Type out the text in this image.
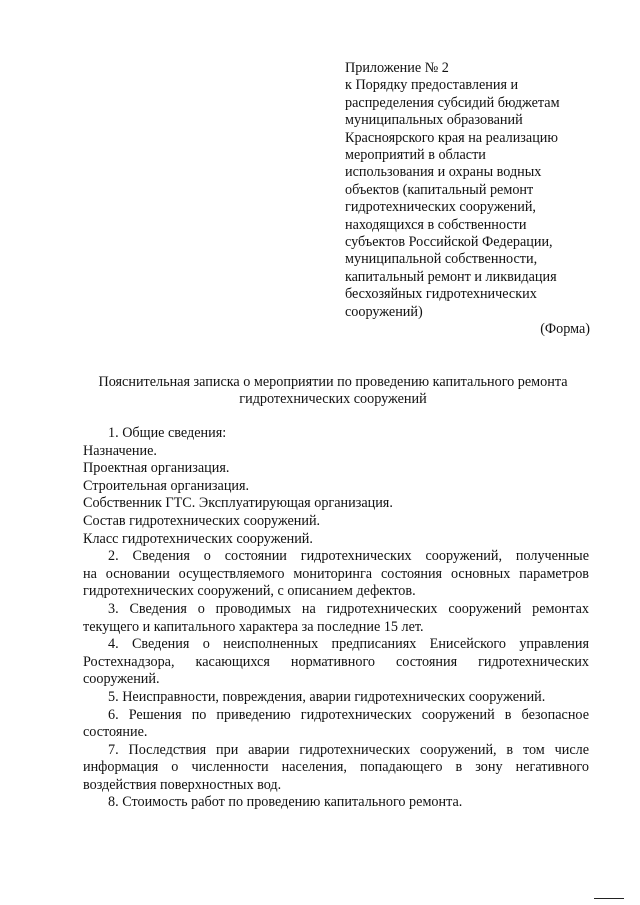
Приложение № 2
к Порядку предоставления и
распределения субсидий бюджетам
муниципальных образований
Красноярского края на реализацию
мероприятий в области
использования и охраны водных
объектов (капитальный ремонт
гидротехнических сооружений,
находящихся в собственности
субъектов Российской Федерации,
муниципальной собственности,
капитальный ремонт и ликвидация
бесхозяйных гидротехнических
сооружений)
(Форма)
Пояснительная записка о мероприятии по проведению капитального ремонта
гидротехнических сооружений
1. Общие сведения:
Назначение.
Проектная организация.
Строительная организация.
Собственник ГТС. Эксплуатирующая организация.
Состав гидротехнических сооружений.
Класс гидротехнических сооружений.
2. Сведения о состоянии гидротехнических сооружений, полученные
на основании осуществляемого мониторинга состояния основных параметров
гидротехнических сооружений, с описанием дефектов.
3. Сведения о проводимых на гидротехнических сооружений ремонтах
текущего и капитального характера за последние 15 лет.
4. Сведения о неисполненных предписаниях Енисейского управления
Ростехнадзора, касающихся нормативного состояния гидротехнических
сооружений.
5. Неисправности, повреждения, аварии гидротехнических сооружений.
6. Решения по приведению гидротехнических сооружений в безопасное
состояние.
7. Последствия при аварии гидротехнических сооружений, в том числе
информация о численности населения, попадающего в зону негативного
воздействия поверхностных вод.
8. Стоимость работ по проведению капитального ремонта.
